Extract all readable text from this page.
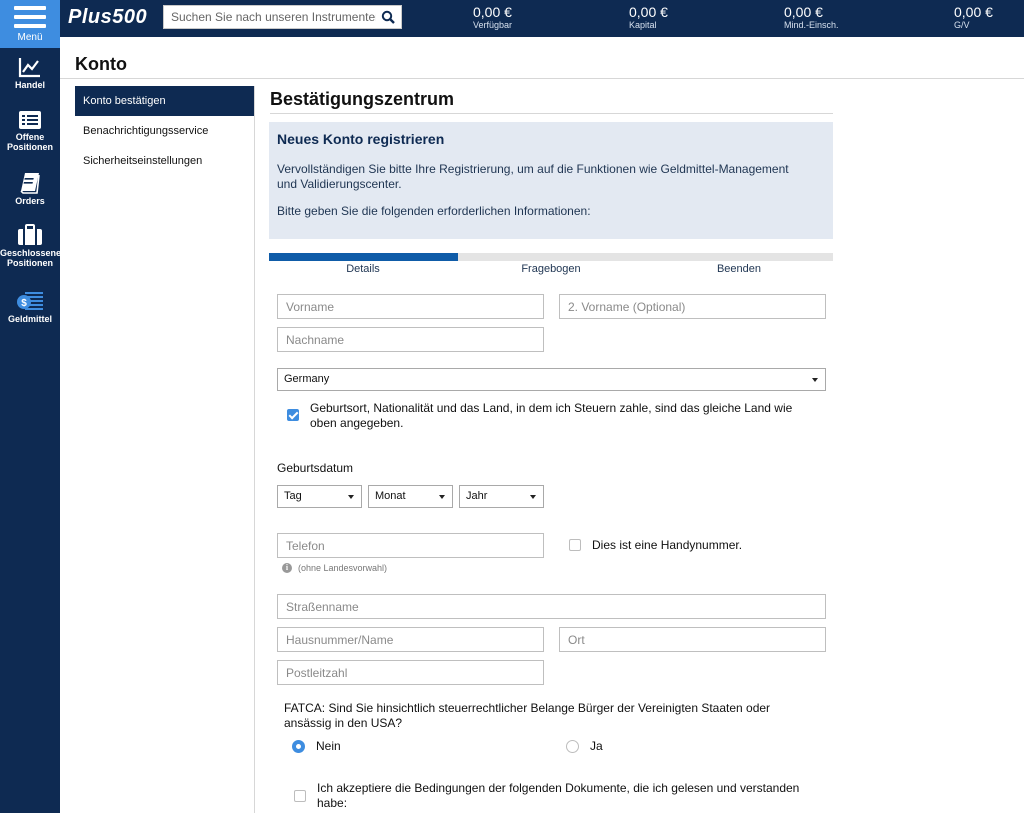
Menü
Handel
Offene
Positionen
Orders
Geschlossene
Positionen
$
Geldmittel
Plus500
Suchen Sie nach unseren Instrumenten	0,00 €
Verfügbar
0,00 €
Kapital
0,00 €
Mind.-Einsch.
0,00 €
G/V
Konto
Konto bestätigen
Benachrichtigungsservice
Sicherheitseinstellungen
Bestätigungszentrum
Neues Konto registrieren

Vervollständigen Sie bitte Ihre Registrierung, um auf die Funktionen wie Geldmittel-Management

und Validierungscenter.

Bitte geben Sie die folgenden erforderlichen Informationen:

Details	Fragebogen	Beenden
Vorname
2. Vorname (Optional)
Nachname
Germany
Geburtsort, Nationalität und das Land, in dem ich Steuern zahle, sind das gleiche Land wie
oben angegeben.
Geburtsdatum
Tag	Monat	Jahr
Telefon
Dies ist eine Handynummer.
i	(ohne Landesvorwahl)
Straßenname
Hausnummer/Name
Ort
Postleitzahl
FATCA: Sind Sie hinsichtlich steuerrechtlicher Belange Bürger der Vereinigten Staaten oder
ansässig in den USA?
Nein	Ja
Ich akzeptiere die Bedingungen der folgenden Dokumente, die ich gelesen und verstanden
habe:
